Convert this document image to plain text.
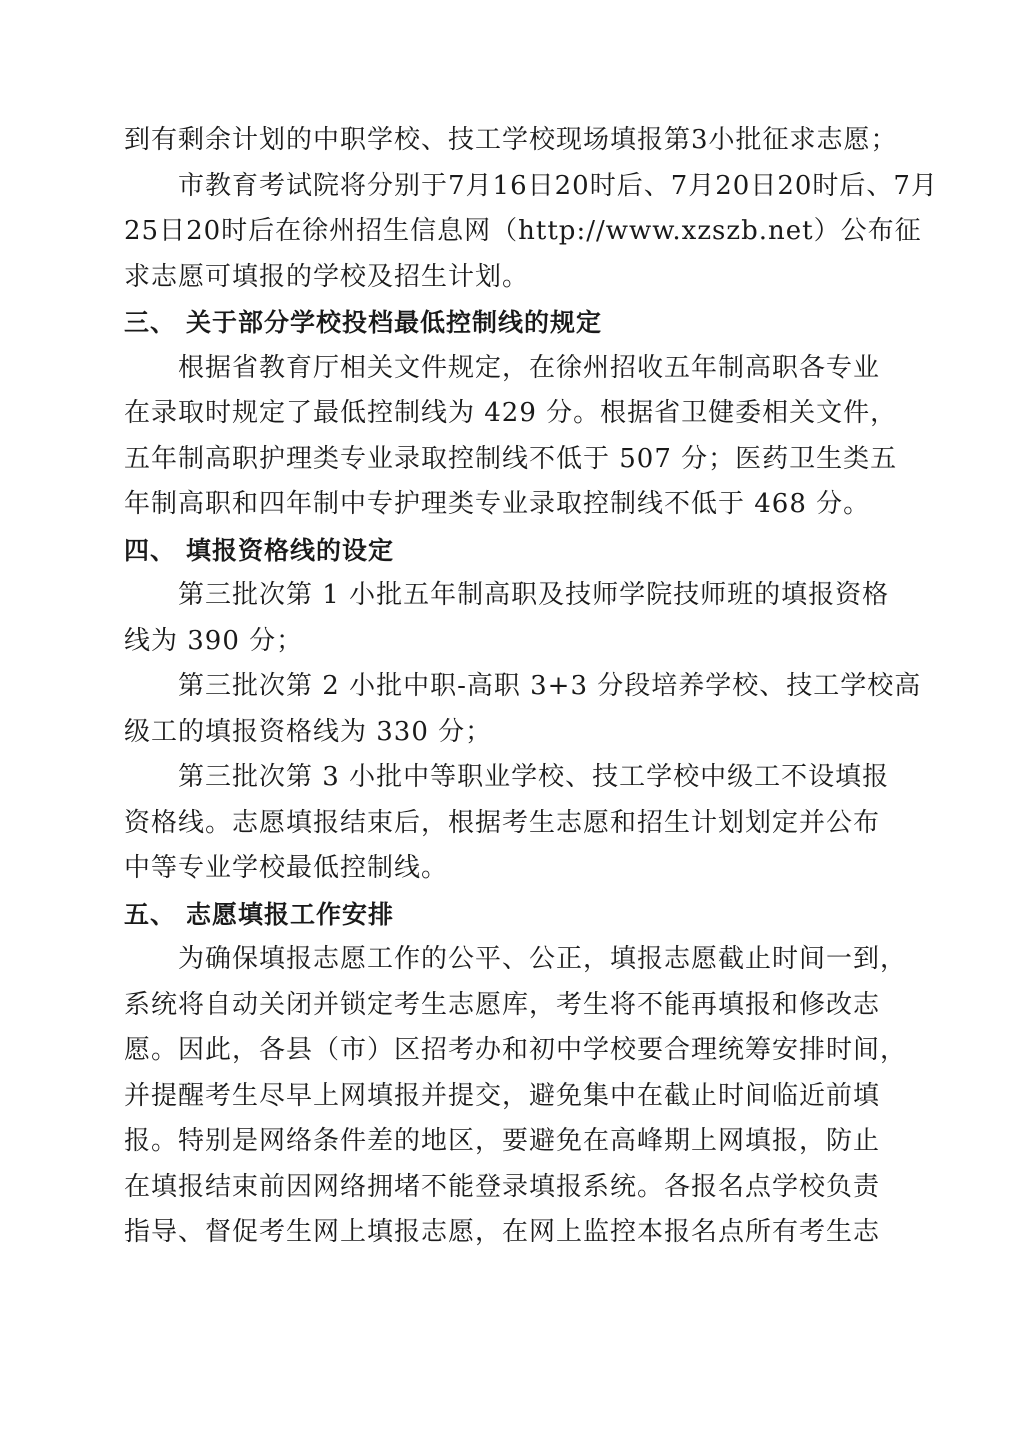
到有剩余计划的中职学校、技工学校现场填报第3小批征求志愿；
市教育考试院将分别于7月16日20时后、7月20日20时后、7月
25日20时后在徐州招生信息网（http://www.xzszb.net）公布征
求志愿可填报的学校及招生计划。
三、 关于部分学校投档最低控制线的规定
根据省教育厅相关文件规定，在徐州招收五年制高职各专业
在录取时规定了最低控制线为 429 分。根据省卫健委相关文件，
五年制高职护理类专业录取控制线不低于 507 分；医药卫生类五
年制高职和四年制中专护理类专业录取控制线不低于 468 分。
四、 填报资格线的设定
第三批次第 1 小批五年制高职及技师学院技师班的填报资格
线为 390 分；
第三批次第 2 小批中职-高职 3+3 分段培养学校、技工学校高
级工的填报资格线为 330 分；
第三批次第 3 小批中等职业学校、技工学校中级工不设填报
资格线。志愿填报结束后，根据考生志愿和招生计划划定并公布
中等专业学校最低控制线。
五、 志愿填报工作安排
为确保填报志愿工作的公平、公正，填报志愿截止时间一到，
系统将自动关闭并锁定考生志愿库，考生将不能再填报和修改志
愿。因此，各县（市）区招考办和初中学校要合理统筹安排时间，
并提醒考生尽早上网填报并提交，避免集中在截止时间临近前填
报。特别是网络条件差的地区，要避免在高峰期上网填报，防止
在填报结束前因网络拥堵不能登录填报系统。各报名点学校负责
指导、督促考生网上填报志愿，在网上监控本报名点所有考生志
